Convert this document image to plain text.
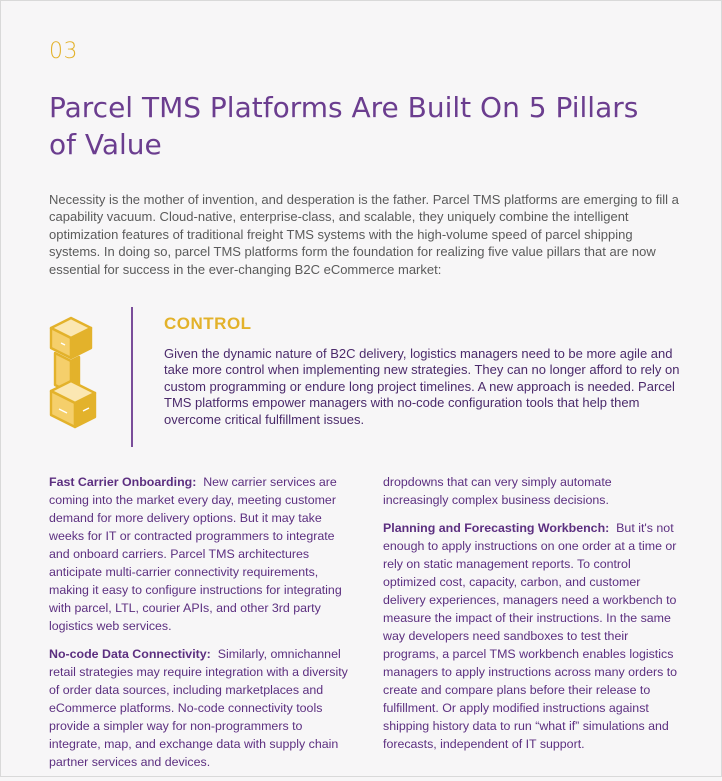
03
Parcel TMS Platforms Are Built On 5 Pillars of Value

Necessity is the mother of invention, and desperation is the father. Parcel TMS platforms are emerging to fill a capability vacuum. Cloud-native, enterprise-class, and scalable, they uniquely combine the intelligent optimization features of traditional freight TMS systems with the high-volume speed of parcel shipping systems. In doing so, parcel TMS platforms form the foundation for realizing five value pillars that are now essential for success in the ever-changing B2C eCommerce market:

CONTROL

Given the dynamic nature of B2C delivery, logistics managers need to be more agile and take more control when implementing new strategies. They can no longer afford to rely on custom programming or endure long project timelines. A new approach is needed. Parcel TMS platforms empower managers with no-code configuration tools that help them overcome critical fulfillment issues.

Fast Carrier Onboarding: New carrier services are coming into the market every day, meeting customer demand for more delivery options. But it may take weeks for IT or contracted programmers to integrate and onboard carriers. Parcel TMS architectures anticipate multi-carrier connectivity requirements, making it easy to configure instructions for integrating with parcel, LTL, courier APIs, and other 3rd party logistics web services.

No-code Data Connectivity: Similarly, omnichannel retail strategies may require integration with a diversity of order data sources, including marketplaces and eCommerce platforms. No-code connectivity tools provide a simpler way for non-programmers to integrate, map, and exchange data with supply chain partner services and devices.

dropdowns that can very simply automate increasingly complex business decisions.

Planning and Forecasting Workbench: But it's not enough to apply instructions on one order at a time or rely on static management reports. To control optimized cost, capacity, carbon, and customer delivery experiences, managers need a workbench to measure the impact of their instructions. In the same way developers need sandboxes to test their programs, a parcel TMS workbench enables logistics managers to apply instructions across many orders to create and compare plans before their release to fulfillment. Or apply modified instructions against shipping history data to run “what if” simulations and forecasts, independent of IT support.
